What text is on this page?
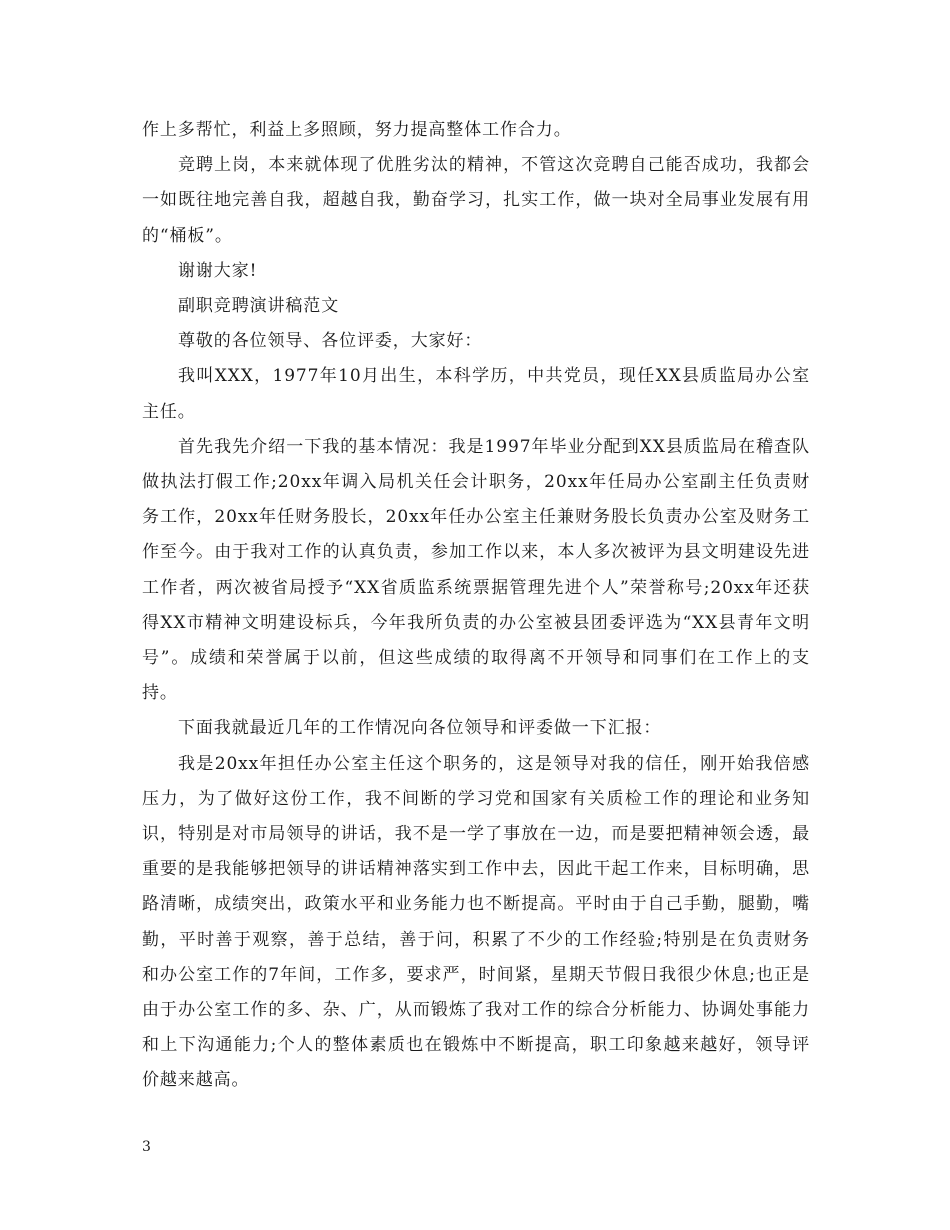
作上多帮忙，利益上多照顾，努力提高整体工作合力。

竞聘上岗，本来就体现了优胜劣汰的精神，不管这次竞聘自己能否成功，我都会一如既往地完善自我，超越自我，勤奋学习，扎实工作，做一块对全局事业发展有用的“桶板”。

谢谢大家!

副职竞聘演讲稿范文

尊敬的各位领导、各位评委，大家好：

我叫XXX，1977年10月出生，本科学历，中共党员，现任XX县质监局办公室主任。

首先我先介绍一下我的基本情况：我是1997年毕业分配到XX县质监局在稽查队做执法打假工作;20xx年调入局机关任会计职务，20xx年任局办公室副主任负责财务工作，20xx年任财务股长，20xx年任办公室主任兼财务股长负责办公室及财务工作至今。由于我对工作的认真负责，参加工作以来，本人多次被评为县文明建设先进工作者，两次被省局授予“XX省质监系统票据管理先进个人”荣誉称号;20xx年还获得XX市精神文明建设标兵，今年我所负责的办公室被县团委评选为“XX县青年文明号”。成绩和荣誉属于以前，但这些成绩的取得离不开领导和同事们在工作上的支持。

下面我就最近几年的工作情况向各位领导和评委做一下汇报：

我是20xx年担任办公室主任这个职务的，这是领导对我的信任，刚开始我倍感压力，为了做好这份工作，我不间断的学习党和国家有关质检工作的理论和业务知识，特别是对市局领导的讲话，我不是一学了事放在一边，而是要把精神领会透，最重要的是我能够把领导的讲话精神落实到工作中去，因此干起工作来，目标明确，思路清晰，成绩突出，政策水平和业务能力也不断提高。平时由于自己手勤，腿勤，嘴勤，平时善于观察，善于总结，善于问，积累了不少的工作经验;特别是在负责财务和办公室工作的7年间，工作多，要求严，时间紧，星期天节假日我很少休息;也正是由于办公室工作的多、杂、广，从而锻炼了我对工作的综合分析能力、协调处事能力和上下沟通能力;个人的整体素质也在锻炼中不断提高，职工印象越来越好，领导评价越来越高。

3
